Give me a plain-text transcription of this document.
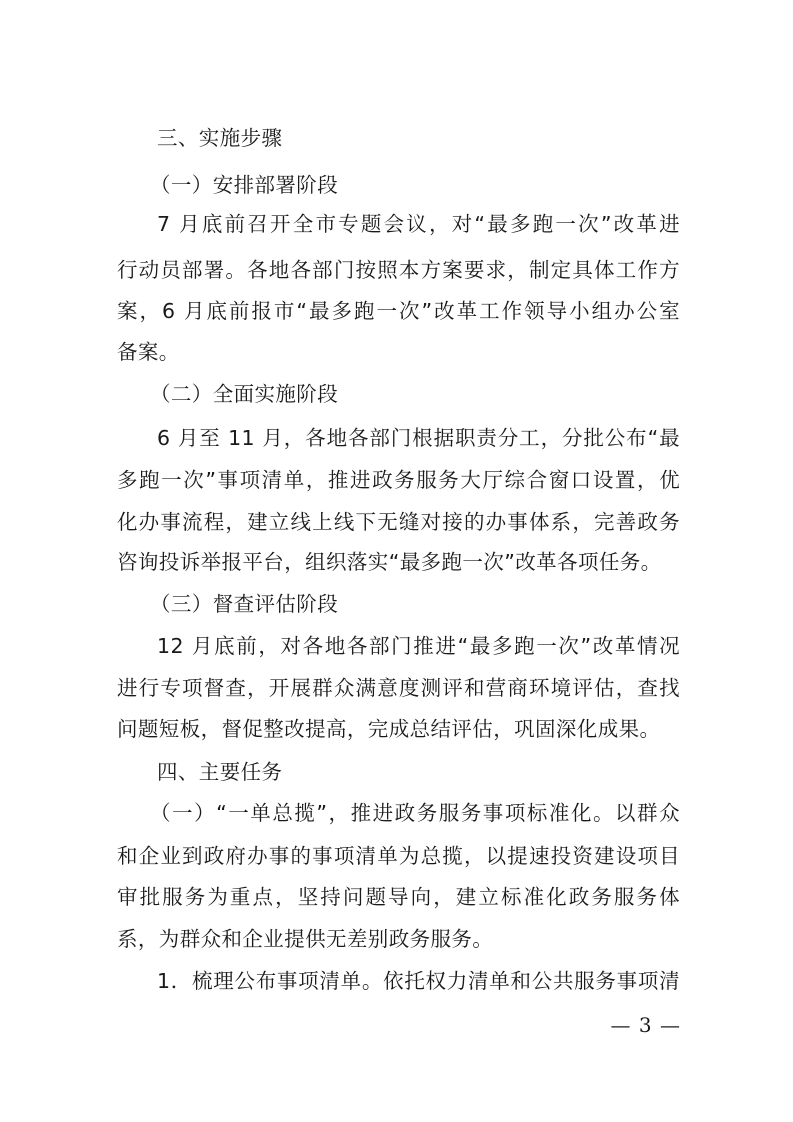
三、实施步骤
（一）安排部署阶段
7 月底前召开全市专题会议，对“最多跑一次”改革进
行动员部署。各地各部门按照本方案要求，制定具体工作方
案，6 月底前报市“最多跑一次”改革工作领导小组办公室
备案。
（二）全面实施阶段
6 月至 11 月，各地各部门根据职责分工，分批公布“最
多跑一次”事项清单，推进政务服务大厅综合窗口设置，优
化办事流程，建立线上线下无缝对接的办事体系，完善政务
咨询投诉举报平台，组织落实“最多跑一次”改革各项任务。
（三）督查评估阶段
12 月底前，对各地各部门推进“最多跑一次”改革情况
进行专项督查，开展群众满意度测评和营商环境评估，查找
问题短板，督促整改提高，完成总结评估，巩固深化成果。
四、主要任务
（一）“一单总揽”，推进政务服务事项标准化。以群众
和企业到政府办事的事项清单为总揽，以提速投资建设项目
审批服务为重点，坚持问题导向，建立标准化政务服务体
系，为群众和企业提供无差别政务服务。
1．梳理公布事项清单。依托权力清单和公共服务事项清
— 3 —
